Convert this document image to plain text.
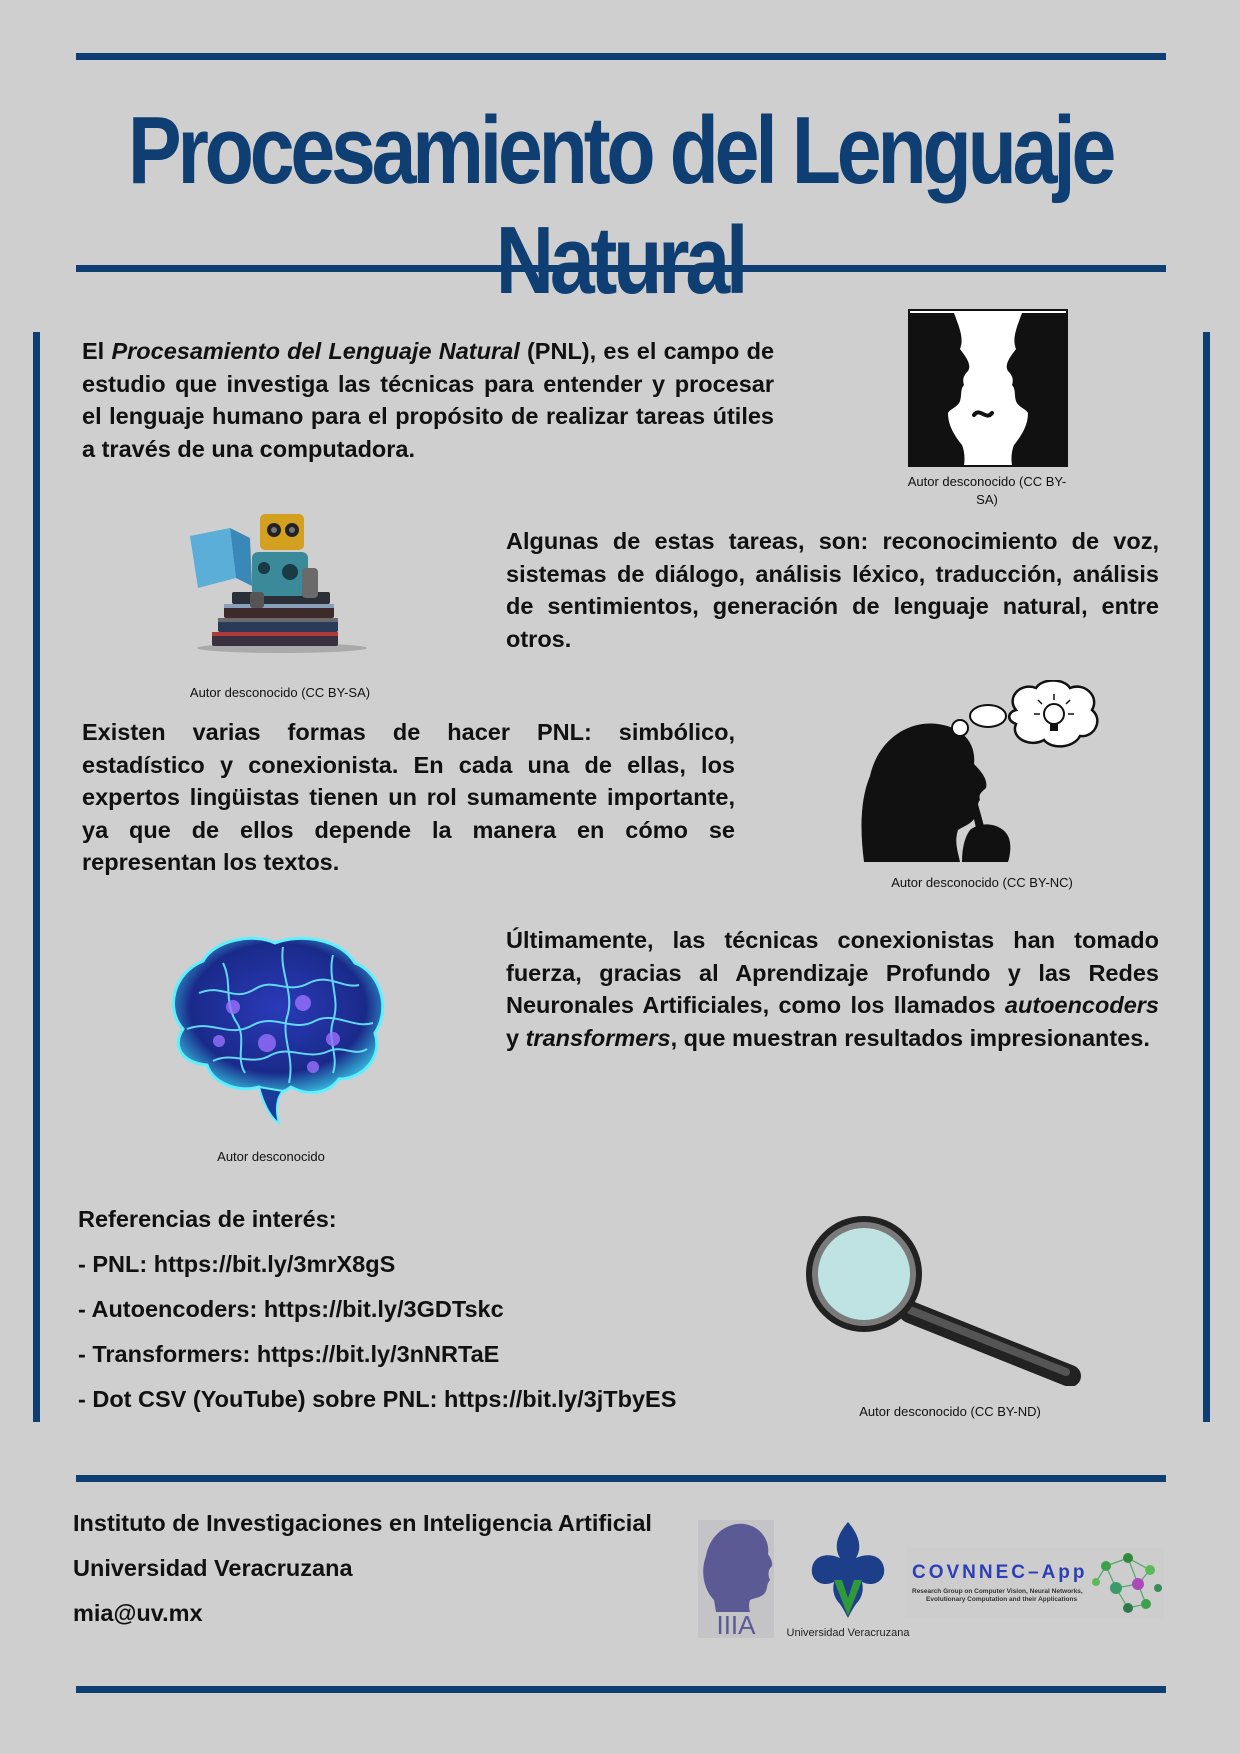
Procesamiento del Lenguaje Natural

El Procesamiento del Lenguaje Natural (PNL), es el campo de estudio que investiga las técnicas para entender y procesar el lenguaje humano para el propósito de realizar tareas útiles a través de una computadora.

Autor desconocido (CC BY-SA)
Autor desconocido (CC BY-SA)

Algunas de estas tareas, son: reconocimiento de voz, sistemas de diálogo, análisis léxico, traducción, análisis de sentimientos, generación de lenguaje natural, entre otros.

Existen varias formas de hacer PNL: simbólico, estadístico y conexionista. En cada una de ellas, los expertos lingüistas tienen un rol sumamente importante, ya que de ellos depende la manera en cómo se representan los textos.

Autor desconocido (CC BY-NC)
Autor desconocido

Últimamente, las técnicas conexionistas han tomado fuerza, gracias al Aprendizaje Profundo y las Redes Neuronales Artificiales, como los llamados autoencoders y transformers, que muestran resultados impresionantes.

Referencias de interés:
- PNL: https://bit.ly/3mrX8gS
- Autoencoders: https://bit.ly/3GDTskc
- Transformers: https://bit.ly/3nNRTaE
- Dot CSV (YouTube) sobre PNL: https://bit.ly/3jTbyES	Autor desconocido (CC BY-ND)
Instituto de Investigaciones en Inteligencia Artificial
Universidad Veracruzana
mia@uv.mx	IIIA	Universidad Veracruzana
COVNNEC–App
Research Group on Computer Vision, Neural Networks,
Evolutionary Computation and their Applications
